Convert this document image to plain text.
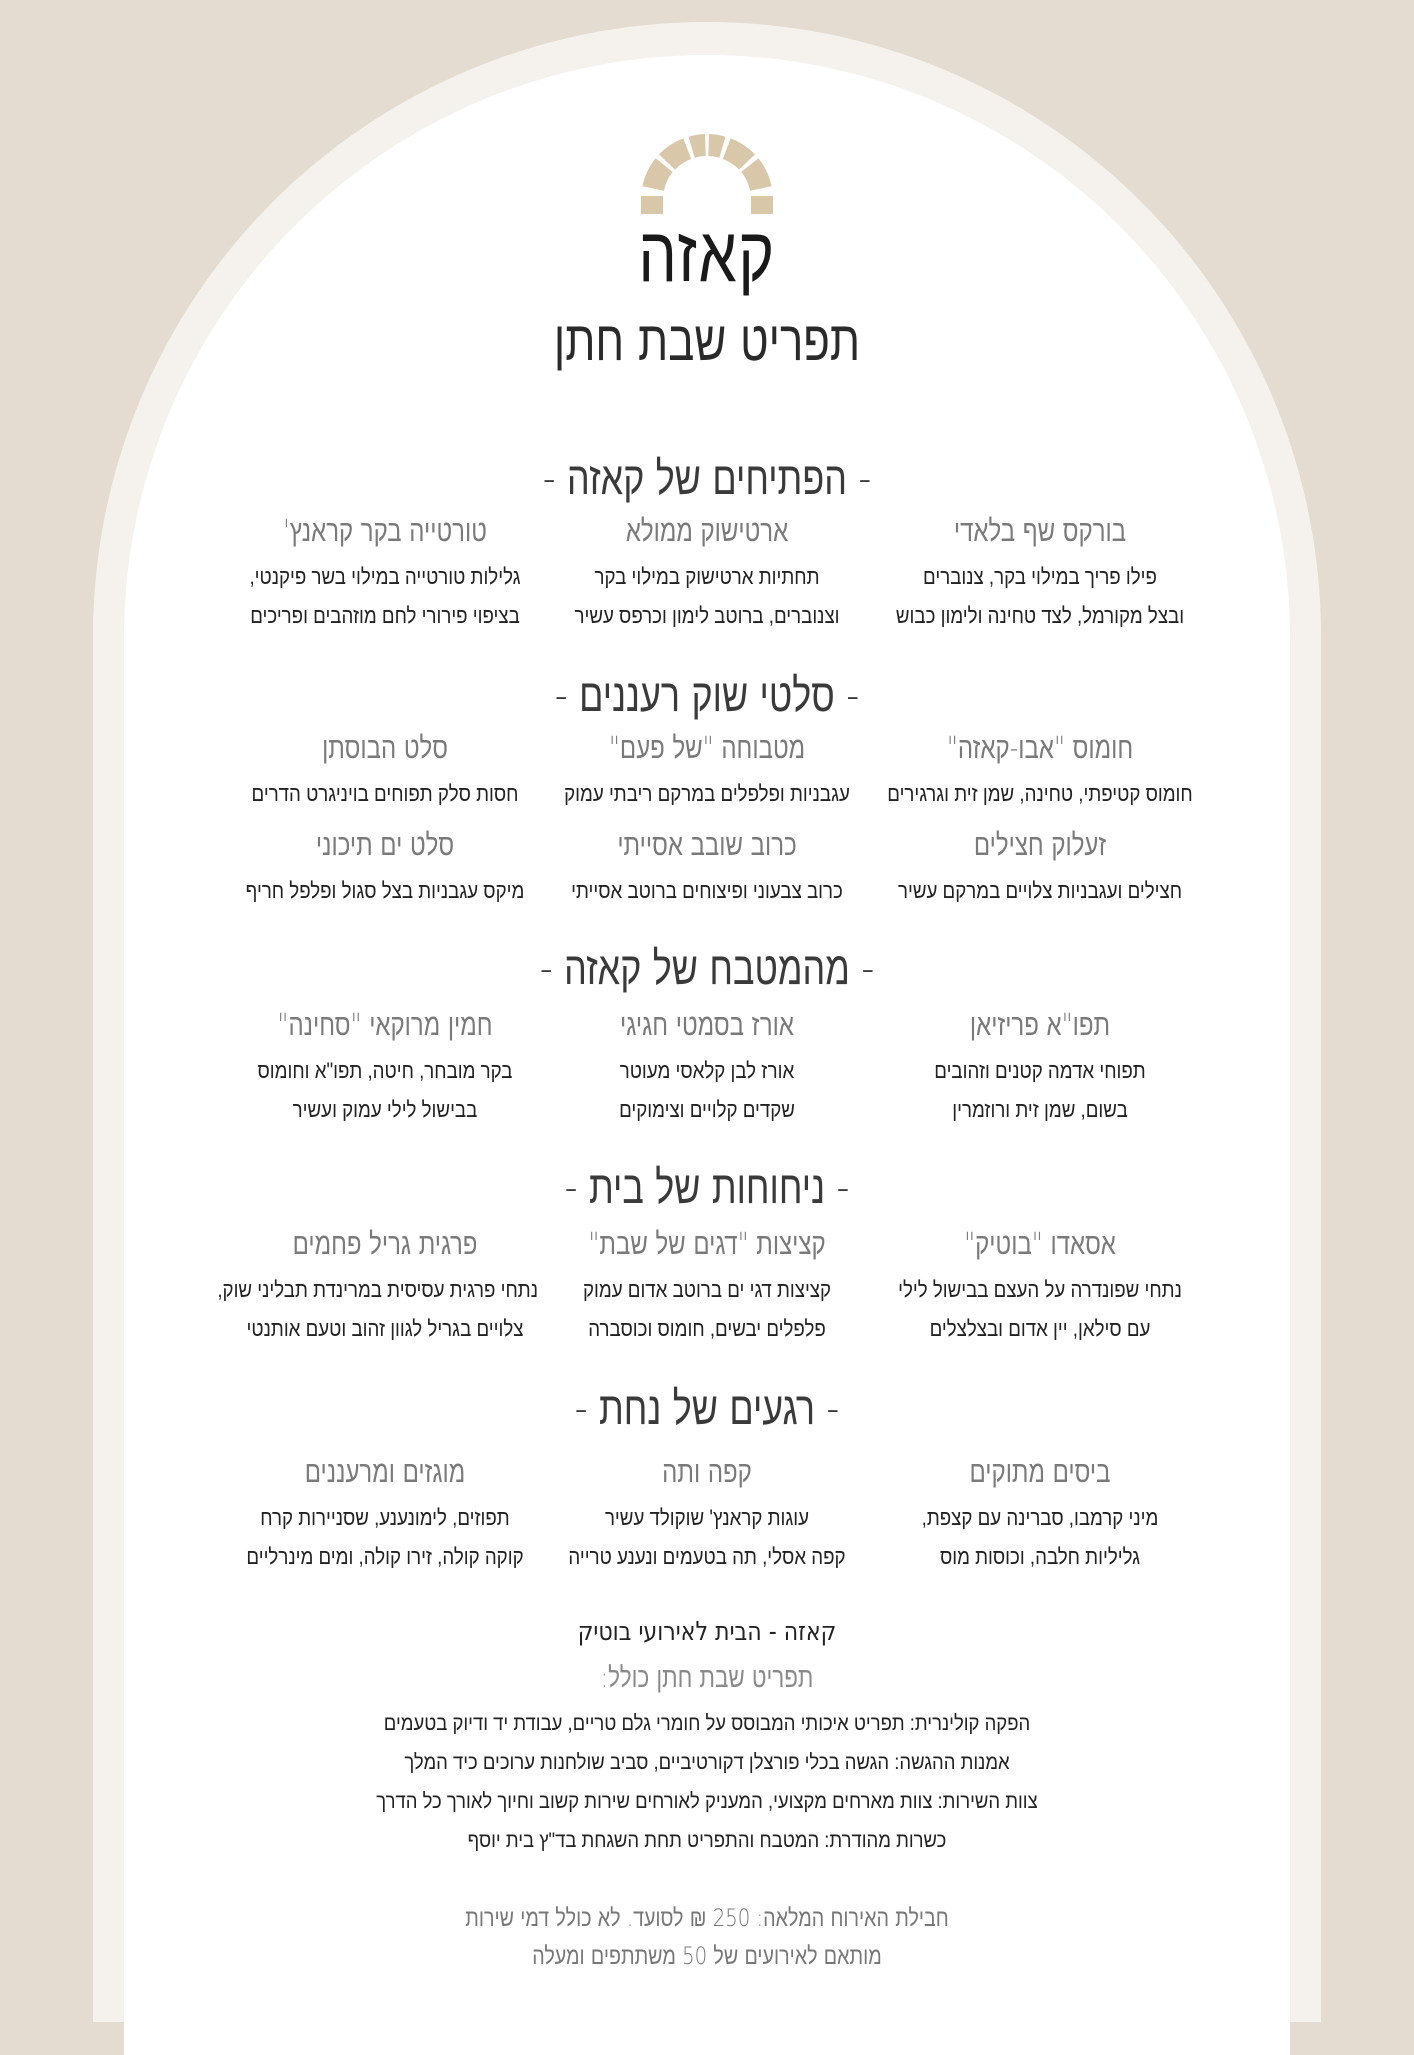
קאזה
תפריט שבת חתן
- הפתיחים של קאזה -
בורקס שף בלאדי
פילו פריך במילוי בקר, צנוברים
ובצל מקורמל, לצד טחינה ולימון כבוש
ארטישוק ממולא
תחתיות ארטישוק במילוי בקר
וצנוברים, ברוטב לימון וכרפס עשיר
טורטייה בקר קראנץ'
גלילות טורטייה במילוי בשר פיקנטי,
בציפוי פירורי לחם מוזהבים ופריכים
- סלטי שוק רעננים -
חומוס "אבו-קאזה"
חומוס קטיפתי, טחינה, שמן זית וגרגירים
מטבוחה "של פעם"
עגבניות ופלפלים במרקם ריבתי עמוק
סלט הבוסתן
חסות סלק תפוחים בויניגרט הדרים
זעלוק חצילים
חצילים ועגבניות צלויים במרקם עשיר
כרוב שובב אסייתי
כרוב צבעוני ופיצוחים ברוטב אסייתי
סלט ים תיכוני
מיקס עגבניות בצל סגול ופלפל חריף
- מהמטבח של קאזה -
תפו"א פריזיאן
תפוחי אדמה קטנים וזהובים
בשום, שמן זית ורוזמרין
אורז בסמטי חגיגי
אורז לבן קלאסי מעוטר
שקדים קלויים וצימוקים
חמין מרוקאי "סחינה"
בקר מובחר, חיטה, תפו"א וחומוס
בבישול לילי עמוק ועשיר
- ניחוחות של בית -
אסאדו "בוטיק"
נתחי שפונדרה על העצם בבישול לילי
עם סילאן, יין אדום ובצלצלים
קציצות "דגים של שבת"
קציצות דגי ים ברוטב אדום עמוק
פלפלים יבשים, חומוס וכוסברה
פרגית גריל פחמים
נתחי פרגית עסיסית במרינדת תבליני שוק,
צלויים בגריל לגוון זהוב וטעם אותנטי
- רגעים של נחת -
ביסים מתוקים
מיני קרמבו, סברינה עם קצפת,
גליליות חלבה, וכוסות מוס
קפה ותה
עוגות קראנץ' שוקולד עשיר
קפה אסלי, תה בטעמים ונענע טרייה
מוגזים ומרעננים
תפוזים, לימונענע, שסניירות קרח
קוקה קולה, זירו קולה, ומים מינרליים
קאזה - הבית לאירועי בוטיק
תפריט שבת חתן כולל:
הפקה קולינרית: תפריט איכותי המבוסס על חומרי גלם טריים, עבודת יד ודיוק בטעמים
אמנות ההגשה: הגשה בכלי פורצלן דקורטיביים, סביב שולחנות ערוכים כיד המלך
צוות השירות: צוות מארחים מקצועי, המעניק לאורחים שירות קשוב וחיוך לאורך כל הדרך
כשרות מהודרת: המטבח והתפריט תחת השגחת בד"ץ בית יוסף
חבילת האירוח המלאה: 250 ₪ לסועד. לא כולל דמי שירות
מותאם לאירועים של 50 משתתפים ומעלה
